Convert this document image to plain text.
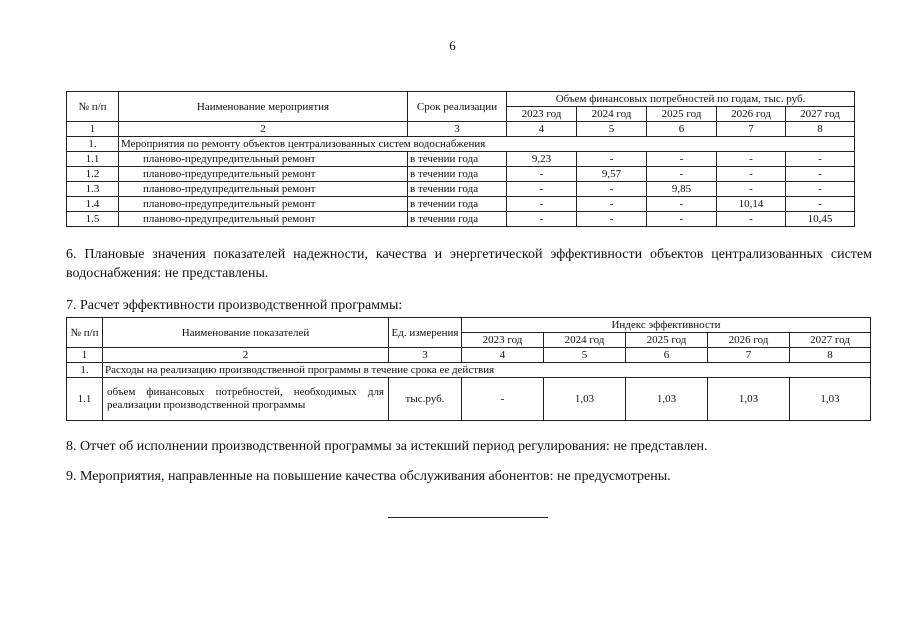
6
№ п/п	Наименование мероприятия	Срок реализации	Объем финансовых потребностей по годам, тыс. руб.				
			2023 год	2024 год	2025 год	2026 год	2027 год
1	2	3	4	5	6	7	8
1.	Мероприятия по ремонту объектов централизованных систем водоснабжения						
1.1	планово-предупредительный ремонт	в течении года	9,23	-	-	-	-
1.2	планово-предупредительный ремонт	в течении года	-	9,57	-	-	-
1.3	планово-предупредительный ремонт	в течении года	-	-	9,85	-	-
1.4	планово-предупредительный ремонт	в течении года	-	-	-	10,14	-
1.5	планово-предупредительный ремонт	в течении года	-	-	-	-	10,45
6. Плановые значения показателей надежности, качества и энергетической эффективности объектов централизованных систем водоснабжения: не представлены.
7. Расчет эффективности производственной программы:
№ п/п	Наименование показателей	Ед. измерения	Индекс эффективности				
			2023 год	2024 год	2025 год	2026 год	2027 год
1	2	3	4	5	6	7	8
1.	Расходы на реализацию производственной программы в течение срока ее действия						
1.1	объем финансовых потребностей, необходимых для реализации производственной программы	тыс.руб.	-	1,03	1,03	1,03	1,03
8. Отчет об исполнении производственной программы за истекший период регулирования: не представлен.
9. Мероприятия, направленные на повышение качества обслуживания абонентов: не предусмотрены.
